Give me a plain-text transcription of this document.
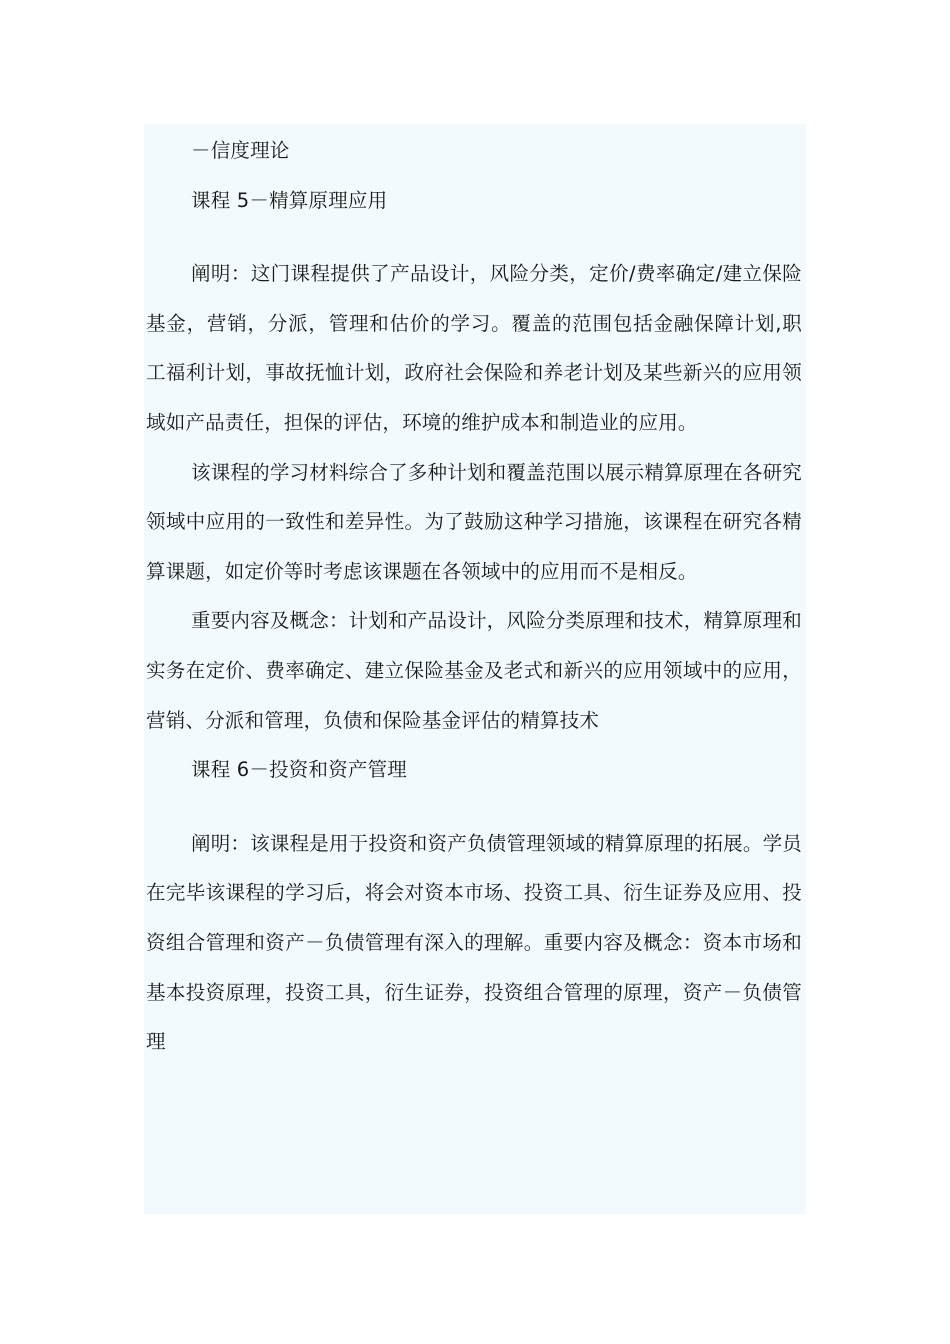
－信度理论

课程 5－精算原理应用

阐明：这门课程提供了产品设计，风险分类，定价/费率确定/建立保险基金，营销，分派，管理和估价的学习。覆盖的范围包括金融保障计划,职工福利计划，事故抚恤计划，政府社会保险和养老计划及某些新兴的应用领域如产品责任，担保的评估，环境的维护成本和制造业的应用。

该课程的学习材料综合了多种计划和覆盖范围以展示精算原理在各研究领域中应用的一致性和差异性。为了鼓励这种学习措施，该课程在研究各精算课题，如定价等时考虑该课题在各领域中的应用而不是相反。

重要内容及概念：计划和产品设计，风险分类原理和技术，精算原理和实务在定价、费率确定、建立保险基金及老式和新兴的应用领域中的应用，营销、分派和管理，负债和保险基金评估的精算技术

课程 6－投资和资产管理

阐明：该课程是用于投资和资产负债管理领域的精算原理的拓展。学员在完毕该课程的学习后，将会对资本市场、投资工具、衍生证券及应用、投资组合管理和资产－负债管理有深入的理解。重要内容及概念：资本市场和基本投资原理，投资工具，衍生证券，投资组合管理的原理，资产－负债管理
